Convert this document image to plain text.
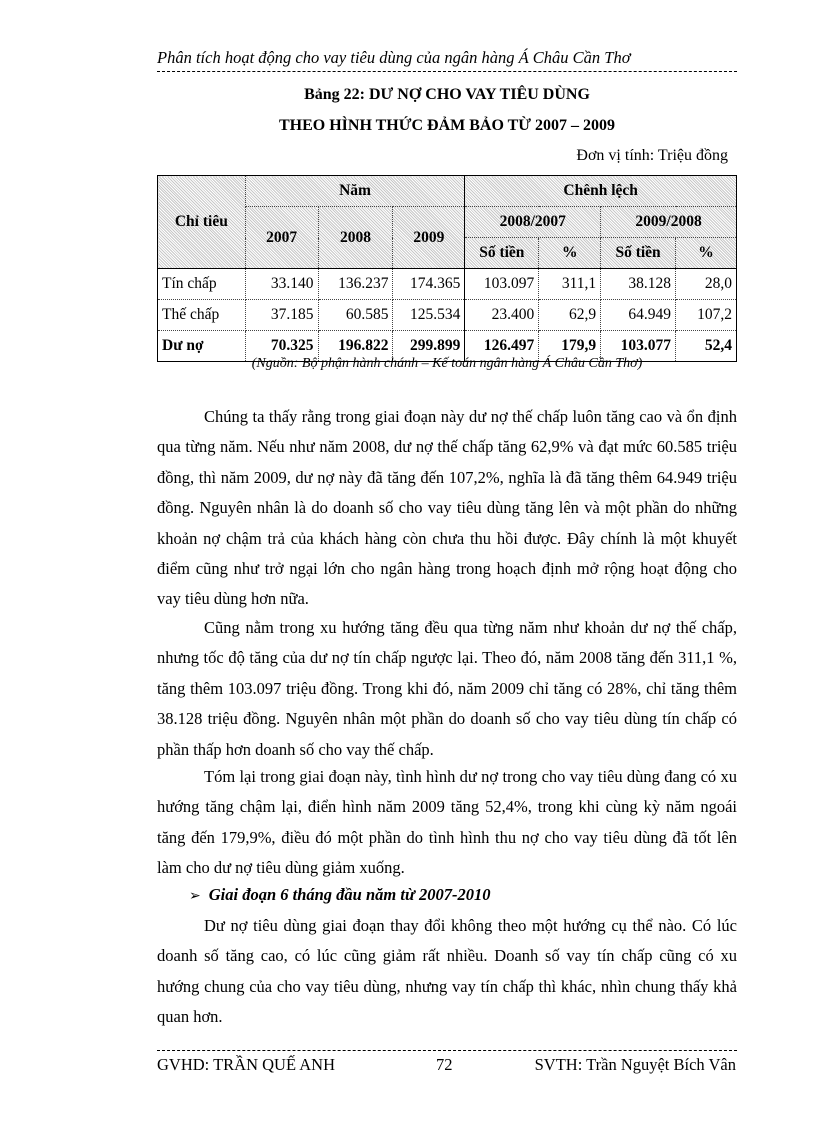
Phân tích hoạt động cho vay tiêu dùng của ngân hàng Á Châu Cần Thơ
Bảng 22: DƯ NỢ CHO VAY TIÊU DÙNG
THEO HÌNH THỨC ĐẢM BẢO TỪ 2007 – 2009
Đơn vị tính: Triệu đồng
Chỉ tiêu	Năm			Chênh lệch			
	2007	2008	2009	2008/2007		2009/2008	
				Số tiền	%	Số tiền	%
Tín chấp	33.140	136.237	174.365	103.097	311,1	38.128	28,0
Thế chấp	37.185	60.585	125.534	23.400	62,9	64.949	107,2
Dư nợ	70.325	196.822	299.899	126.497	179,9	103.077	52,4
(Nguồn: Bộ phận hành chánh – Kế toán ngân hàng Á Châu Cần Thơ)

Chúng ta thấy rằng trong giai đoạn này dư nợ thế chấp luôn tăng cao và ổn định qua từng năm. Nếu như năm 2008, dư nợ thế chấp tăng 62,9% và đạt mức 60.585 triệu đồng, thì năm 2009, dư nợ này đã tăng đến 107,2%, nghĩa là đã tăng thêm 64.949 triệu đồng. Nguyên nhân là do doanh số cho vay tiêu dùng tăng lên và một phần do những khoản nợ chậm trả của khách hàng còn chưa thu hồi được. Đây chính là một khuyết điểm cũng như trở ngại lớn cho ngân hàng trong hoạch định mở rộng hoạt động cho vay tiêu dùng hơn nữa.

Cũng nằm trong xu hướng tăng đều qua từng năm như khoản dư nợ thế chấp, nhưng tốc độ tăng của dư nợ tín chấp ngược lại. Theo đó, năm 2008 tăng đến 311,1 %, tăng thêm 103.097 triệu đồng. Trong khi đó, năm 2009 chỉ tăng có 28%, chỉ tăng thêm 38.128 triệu đồng. Nguyên nhân một phần do doanh số cho vay tiêu dùng tín chấp có phần thấp hơn doanh số cho vay thế chấp.

Tóm lại trong giai đoạn này, tình hình dư nợ trong cho vay tiêu dùng đang có xu hướng tăng chậm lại, điển hình năm 2009 tăng 52,4%, trong khi cùng kỳ năm ngoái tăng đến 179,9%, điều đó một phần do tình hình thu nợ cho vay tiêu dùng đã tốt lên làm cho dư nợ tiêu dùng giảm xuống.

➢ Giai đoạn 6 tháng đầu năm từ 2007-2010

Dư nợ tiêu dùng giai đoạn thay đổi không theo một hướng cụ thể nào. Có lúc doanh số tăng cao, có lúc cũng giảm rất nhiều. Doanh số vay tín chấp cũng có xu hướng chung của cho vay tiêu dùng, nhưng vay tín chấp thì khác, nhìn chung thấy khả quan hơn.

GVHD: TRẦN QUẾ ANH	72	SVTH: Trần Nguyệt Bích Vân
